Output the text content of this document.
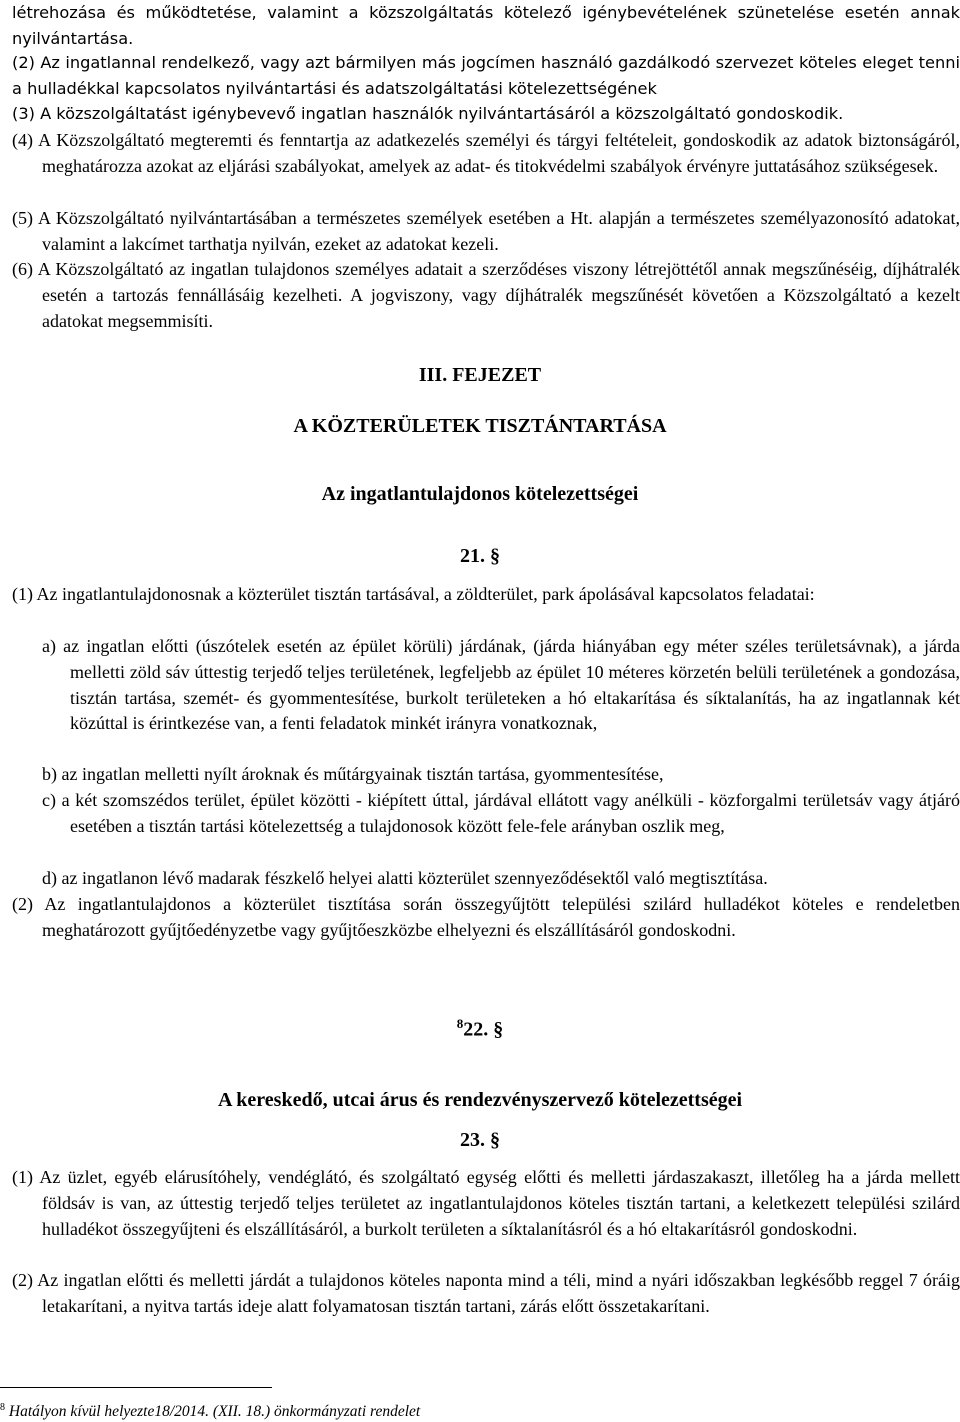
létrehozása és működtetése, valamint a közszolgáltatás kötelező igénybevételének szünetelése esetén annak nyilvántartása.
(2) Az ingatlannal rendelkező, vagy azt bármilyen más jogcímen használó gazdálkodó szervezet köteles eleget tenni a hulladékkal kapcsolatos nyilvántartási és adatszolgáltatási kötelezettségének
(3) A közszolgáltatást igénybevevő ingatlan használók nyilvántartásáról a közszolgáltató gondoskodik.
(4) A Közszolgáltató megteremti és fenntartja az adatkezelés személyi és tárgyi feltételeit, gondoskodik az adatok biztonságáról, meghatározza azokat az eljárási szabályokat, amelyek az adat- és titokvédelmi szabályok érvényre juttatásához szükségesek.
(5) A Közszolgáltató nyilvántartásában a természetes személyek esetében a Ht. alapján a természetes személyazonosító adatokat, valamint a lakcímet tarthatja nyilván, ezeket az adatokat kezeli.
(6) A Közszolgáltató az ingatlan tulajdonos személyes adatait a szerződéses viszony létrejöttétől annak megszűnéséig, díjhátralék esetén a tartozás fennállásáig kezelheti. A jogviszony, vagy díjhátralék megszűnését követően a Közszolgáltató a kezelt adatokat megsemmisíti.
III. FEJEZET
A KÖZTERÜLETEK TISZTÁNTARTÁSA
Az ingatlantulajdonos kötelezettségei
21. §
(1) Az ingatlantulajdonosnak a közterület tisztán tartásával, a zöldterület, park ápolásával kapcsolatos feladatai:
a) az ingatlan előtti (úszótelek esetén az épület körüli) járdának, (járda hiányában egy méter széles területsávnak), a járda melletti zöld sáv úttestig terjedő teljes területének, legfeljebb az épület 10 méteres körzetén belüli területének a gondozása, tisztán tartása, szemét- és gyommentesítése, burkolt területeken a hó eltakarítása és síktalanítás, ha az ingatlannak két közúttal is érintkezése van, a fenti feladatok minkét irányra vonatkoznak,
b) az ingatlan melletti nyílt ároknak és műtárgyainak tisztán tartása, gyommentesítése,
c) a két szomszédos terület, épület közötti - kiépített úttal, járdával ellátott vagy anélküli - közforgalmi területsáv vagy átjáró esetében a tisztán tartási kötelezettség a tulajdonosok között fele-fele arányban oszlik meg,
d) az ingatlanon lévő madarak fészkelő helyei alatti közterület szennyeződésektől való megtisztítása.
(2) Az ingatlantulajdonos a közterület tisztítása során összegyűjtött települési szilárd hulladékot köteles e rendeletben meghatározott gyűjtőedényzetbe vagy gyűjtőeszközbe elhelyezni és elszállításáról gondoskodni.
$^8$22. §
A kereskedő, utcai árus és rendezvényszervező kötelezettségei
23. §
(1) Az üzlet, egyéb elárusítóhely, vendéglátó, és szolgáltató egység előtti és melletti járdaszakaszt, illetőleg ha a járda mellett földsáv is van, az úttestig terjedő teljes területet az ingatlantulajdonos köteles tisztán tartani, a keletkezett települési szilárd hulladékot összegyűjteni és elszállításáról, a burkolt területen a síktalanításról és a hó eltakarításról gondoskodni.
(2) Az ingatlan előtti és melletti járdát a tulajdonos köteles naponta mind a téli, mind a nyári időszakban legkésőbb reggel 7 óráig letakarítani, a nyitva tartás ideje alatt folyamatosan tisztán tartani, zárás előtt összetakarítani.
$^8$ Hatályon kívül helyezte18/2014. (XII. 18.) önkormányzati rendelet
